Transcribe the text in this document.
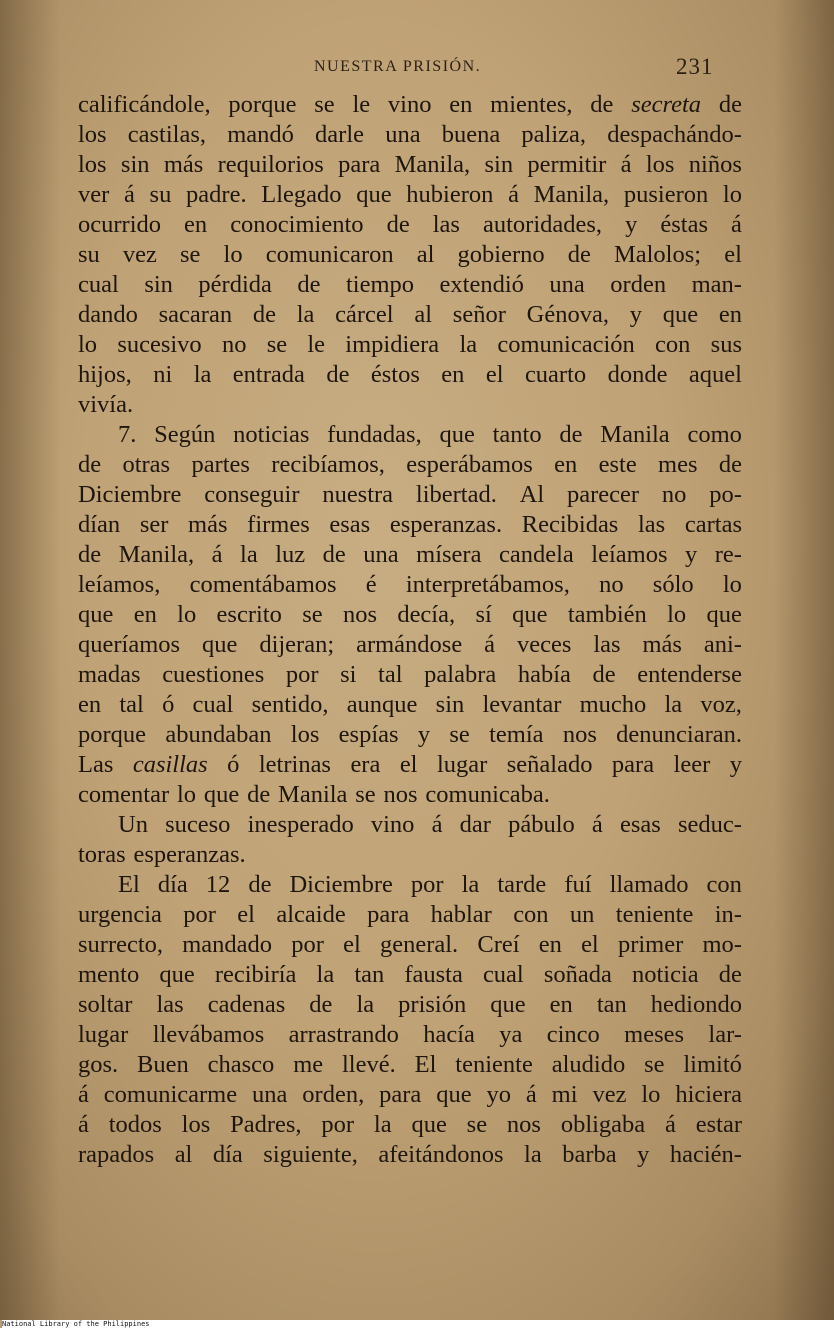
NUESTRA PRISIÓN.	231
calificándole, porque se le vino en mientes, de secreta de
los castilas, mandó darle una buena paliza, despachándo-
los sin más requilorios para Manila, sin permitir á los niños
ver á su padre. Llegado que hubieron á Manila, pusieron lo
ocurrido en conocimiento de las autoridades, y éstas á
su vez se lo comunicaron al gobierno de Malolos; el
cual sin pérdida de tiempo extendió una orden man-
dando sacaran de la cárcel al señor Génova, y que en
lo sucesivo no se le impidiera la comunicación con sus
hijos, ni la entrada de éstos en el cuarto donde aquel
vivía.
7. Según noticias fundadas, que tanto de Manila como
de otras partes recibíamos, esperábamos en este mes de
Diciembre conseguir nuestra libertad. Al parecer no po-
dían ser más firmes esas esperanzas. Recibidas las cartas
de Manila, á la luz de una mísera candela leíamos y re-
leíamos, comentábamos é interpretábamos, no sólo lo
que en lo escrito se nos decía, sí que también lo que
queríamos que dijeran; armándose á veces las más ani-
madas cuestiones por si tal palabra había de entenderse
en tal ó cual sentido, aunque sin levantar mucho la voz,
porque abundaban los espías y se temía nos denunciaran.
Las casillas ó letrinas era el lugar señalado para leer y
comentar lo que de Manila se nos comunicaba.
Un suceso inesperado vino á dar pábulo á esas seduc-
toras esperanzas.
El día 12 de Diciembre por la tarde fuí llamado con
urgencia por el alcaide para hablar con un teniente in-
surrecto, mandado por el general. Creí en el primer mo-
mento que recibiría la tan fausta cual soñada noticia de
soltar las cadenas de la prisión que en tan hediondo
lugar llevábamos arrastrando hacía ya cinco meses lar-
gos. Buen chasco me llevé. El teniente aludido se limitó
á comunicarme una orden, para que yo á mi vez lo hiciera
á todos los Padres, por la que se nos obligaba á estar
rapados al día siguiente, afeitándonos la barba y hacién-
National Library of the Philippines
